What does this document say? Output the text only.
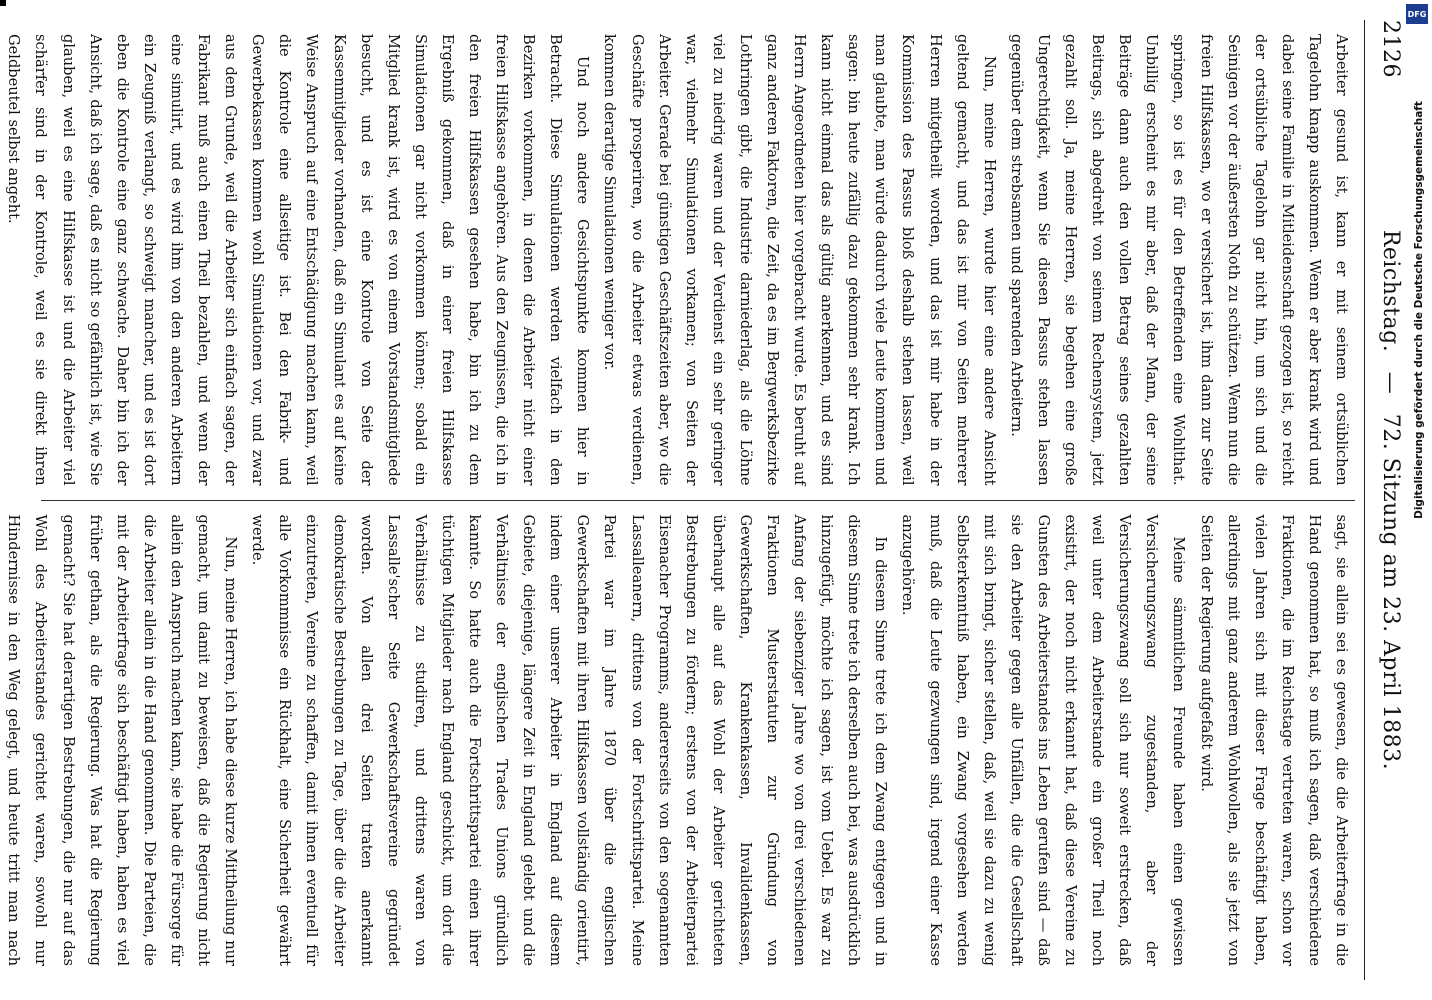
2126
Reichstag. — 72. Sitzung am 23. April 1883.

Arbeiter gesund ist, kann er mit seinem ortsüblichen Tagelohn knapp auskommen. Wenn er aber krank wird und dabei seine Familie in Mitleidenschaft gezogen ist, so reicht der ortsübliche Tagelohn gar nicht hin, um sich und die Seinigen vor der äußersten Noth zu schützen. Wenn nun die freien Hilfskassen, wo er versichert ist, ihm dann zur Seite springen, so ist es für den Betreffenden eine Wohlthat. Unbillig erscheint es mir aber, daß der Mann, der seine Beiträge dann auch den vollen Betrag seines gezahlten Beitrags, sich abgedreht von seinem Rechensystem, jetzt gezahlt soll. Ja, meine Herren, sie begehen eine große Ungerechtigkeit, wenn Sie diesen Passus stehen lassen gegenüber dem strebsamen und sparenden Arbeitern.

Nun, meine Herren, wurde hier eine andere Ansicht geltend gemacht, und das ist mir von Seiten mehrerer Herren mitgetheilt worden, und das ist mir habe in der Kommission des Passus bloß deshalb stehen lassen, weil man glaubte, man würde dadurch viele Leute kommen und sagen: bin heute zufällig dazu gekommen sehr krank. Ich kann nicht einmal das als gültig anerkennen, und es sind Herrn Angeordneten hier vorgebracht wurde. Es beruht auf ganz anderen Faktoren, die Zeit, da es im Bergwerksbezirke Lothringen gibt, die Industrie darniederlag, als die Löhne viel zu niedrig waren und der Verdienst ein sehr geringer war, vielmehr Simulationen vorkamen; von Seiten der Arbeiter. Gerade bei günstigen Geschäftszeiten aber, wo die Geschäfte prosperiren, wo die Arbeiter etwas verdienen, kommen derartige Simulationen weniger vor.

Und noch andere Gesichtspunkte kommen hier in Betracht. Diese Simulationen werden vielfach in den Bezirken vorkommen, in denen die Arbeiter nicht einer freien Hilfskasse angehören. Aus den Zeugnissen, die ich in den freien Hilfskassen gesehen habe, bin ich zu dem Ergebniß gekommen, daß in einer freien Hilfskasse Simulationen gar nicht vorkommen können; sobald ein Mitglied krank ist, wird es von einem Vorstandsmitgliede besucht, und es ist eine Kontrole von Seite der Kassenmitglieder vorhanden, daß ein Simulant es auf keine Weise Anspruch auf eine Entschädigung machen kann, weil die Kontrole eine allseitige ist. Bei den Fabrik- und Gewerbekassen kommen wohl Simulationen vor, und zwar aus dem Grunde, weil die Arbeiter sich einfach sagen, der Fabrikant muß auch einen Theil bezahlen, und wenn der eine simulirt, und es wird ihm von den anderen Arbeitern ein Zeugniß verlangt, so schweigt mancher, und es ist dort eben die Kontrole eine ganz schwache. Daher bin ich der Ansicht, daß ich sage, daß es nicht so gefährlich ist, wie Sie glauben, weil es eine Hilfskasse ist und die Arbeiter viel schärfer sind in der Kontrole, weil es sie direkt ihren Geldbeutel selbst angeht.

sagt, sie allein sei es gewesen, die die Arbeiterfrage in die Hand genommen hat, so muß ich sagen, daß verschiedene Fraktionen, die im Reichstage vertreten waren, schon vor vielen Jahren sich mit dieser Frage beschäftigt haben, allerdings mit ganz anderem Wohlwollen, als sie jetzt von Seiten der Regierung aufgefaßt wird.

Meine sämmtlichen Freunde haben einen gewissen Versicherungszwang zugestanden, aber der Versicherungszwang soll sich nur soweit erstrecken, daß weil unter dem Arbeiterstande ein großer Theil noch existirt, der noch nicht erkannt hat, daß diese Vereine zu Gunsten des Arbeiterstandes ins Leben gerufen sind — daß sie den Arbeiter gegen alle Unfällen, die die Gesellschaft mit sich bringt, sicher stellen, daß, weil sie dazu zu wenig Selbsterkenntniß haben, ein Zwang vorgesehen werden muß, daß die Leute gezwungen sind, irgend einer Kasse anzugehören.

In diesem Sinne trete ich dem Zwang entgegen und in diesem Sinne trete ich derselben auch bei, was ausdrücklich hinzugefügt, möchte ich sagen, ist vom Uebel. Es war zu Anfang der siebenziger Jahre wo von drei verschiedenen Fraktionen Musterstatuten zur Gründung von Gewerkschaften, Krankenkassen, Invalidenkassen, überhaupt alle auf das Wohl der Arbeiter gerichteten Bestrebungen zu fördern; erstens von der Arbeiterpartei Eisenacher Programms, andererseits von den sogenannten Lassalleanern, drittens von der Fortschrittspartei. Meine Partei war im Jahre 1870 über die englischen Gewerkschaften mit ihren Hilfskassen vollständig orientirt, indem einer unserer Arbeiter in England auf diesem Gebiete, diejenige, längere Zeit in England gelebt und die Verhältnisse der englischen Trades Unions gründlich kannte. So hatte auch die Fortschrittspartei einen ihrer tüchtigen Mitglieder nach England geschickt, um dort die Verhältnisse zu studiren, und drittens waren von Lassalle'scher Seite Gewerkschaftsvereine gegründet worden. Von allen drei Seiten traten anerkannt demokratische Bestrebungen zu Tage, über die die Arbeiter einzutreten, Vereine zu schaffen, damit ihnen eventuell für alle Vorkommnisse ein Rückhalt, eine Sicherheit gewährt werde.

Nun, meine Herren, ich habe diese kurze Mittheilung nur gemacht, um damit zu beweisen, daß die Regierung nicht allein den Anspruch machen kann, sie habe die Fürsorge für die Arbeiter allein in die Hand genommen. Die Parteien, die mit der Arbeiterfrage sich beschäftigt haben, haben es viel früher gethan, als die Regierung. Was hat die Regierung gemacht? Sie hat derartigen Bestrebungen, die nur auf das Wohl des Arbeiterstandes gerichtet waren, sowohl nur Hindernisse in den Weg gelegt, und heute tritt man nach

DFG
Digitalisierung gefördert durch die Deutsche Forschungsgemeinschaft
